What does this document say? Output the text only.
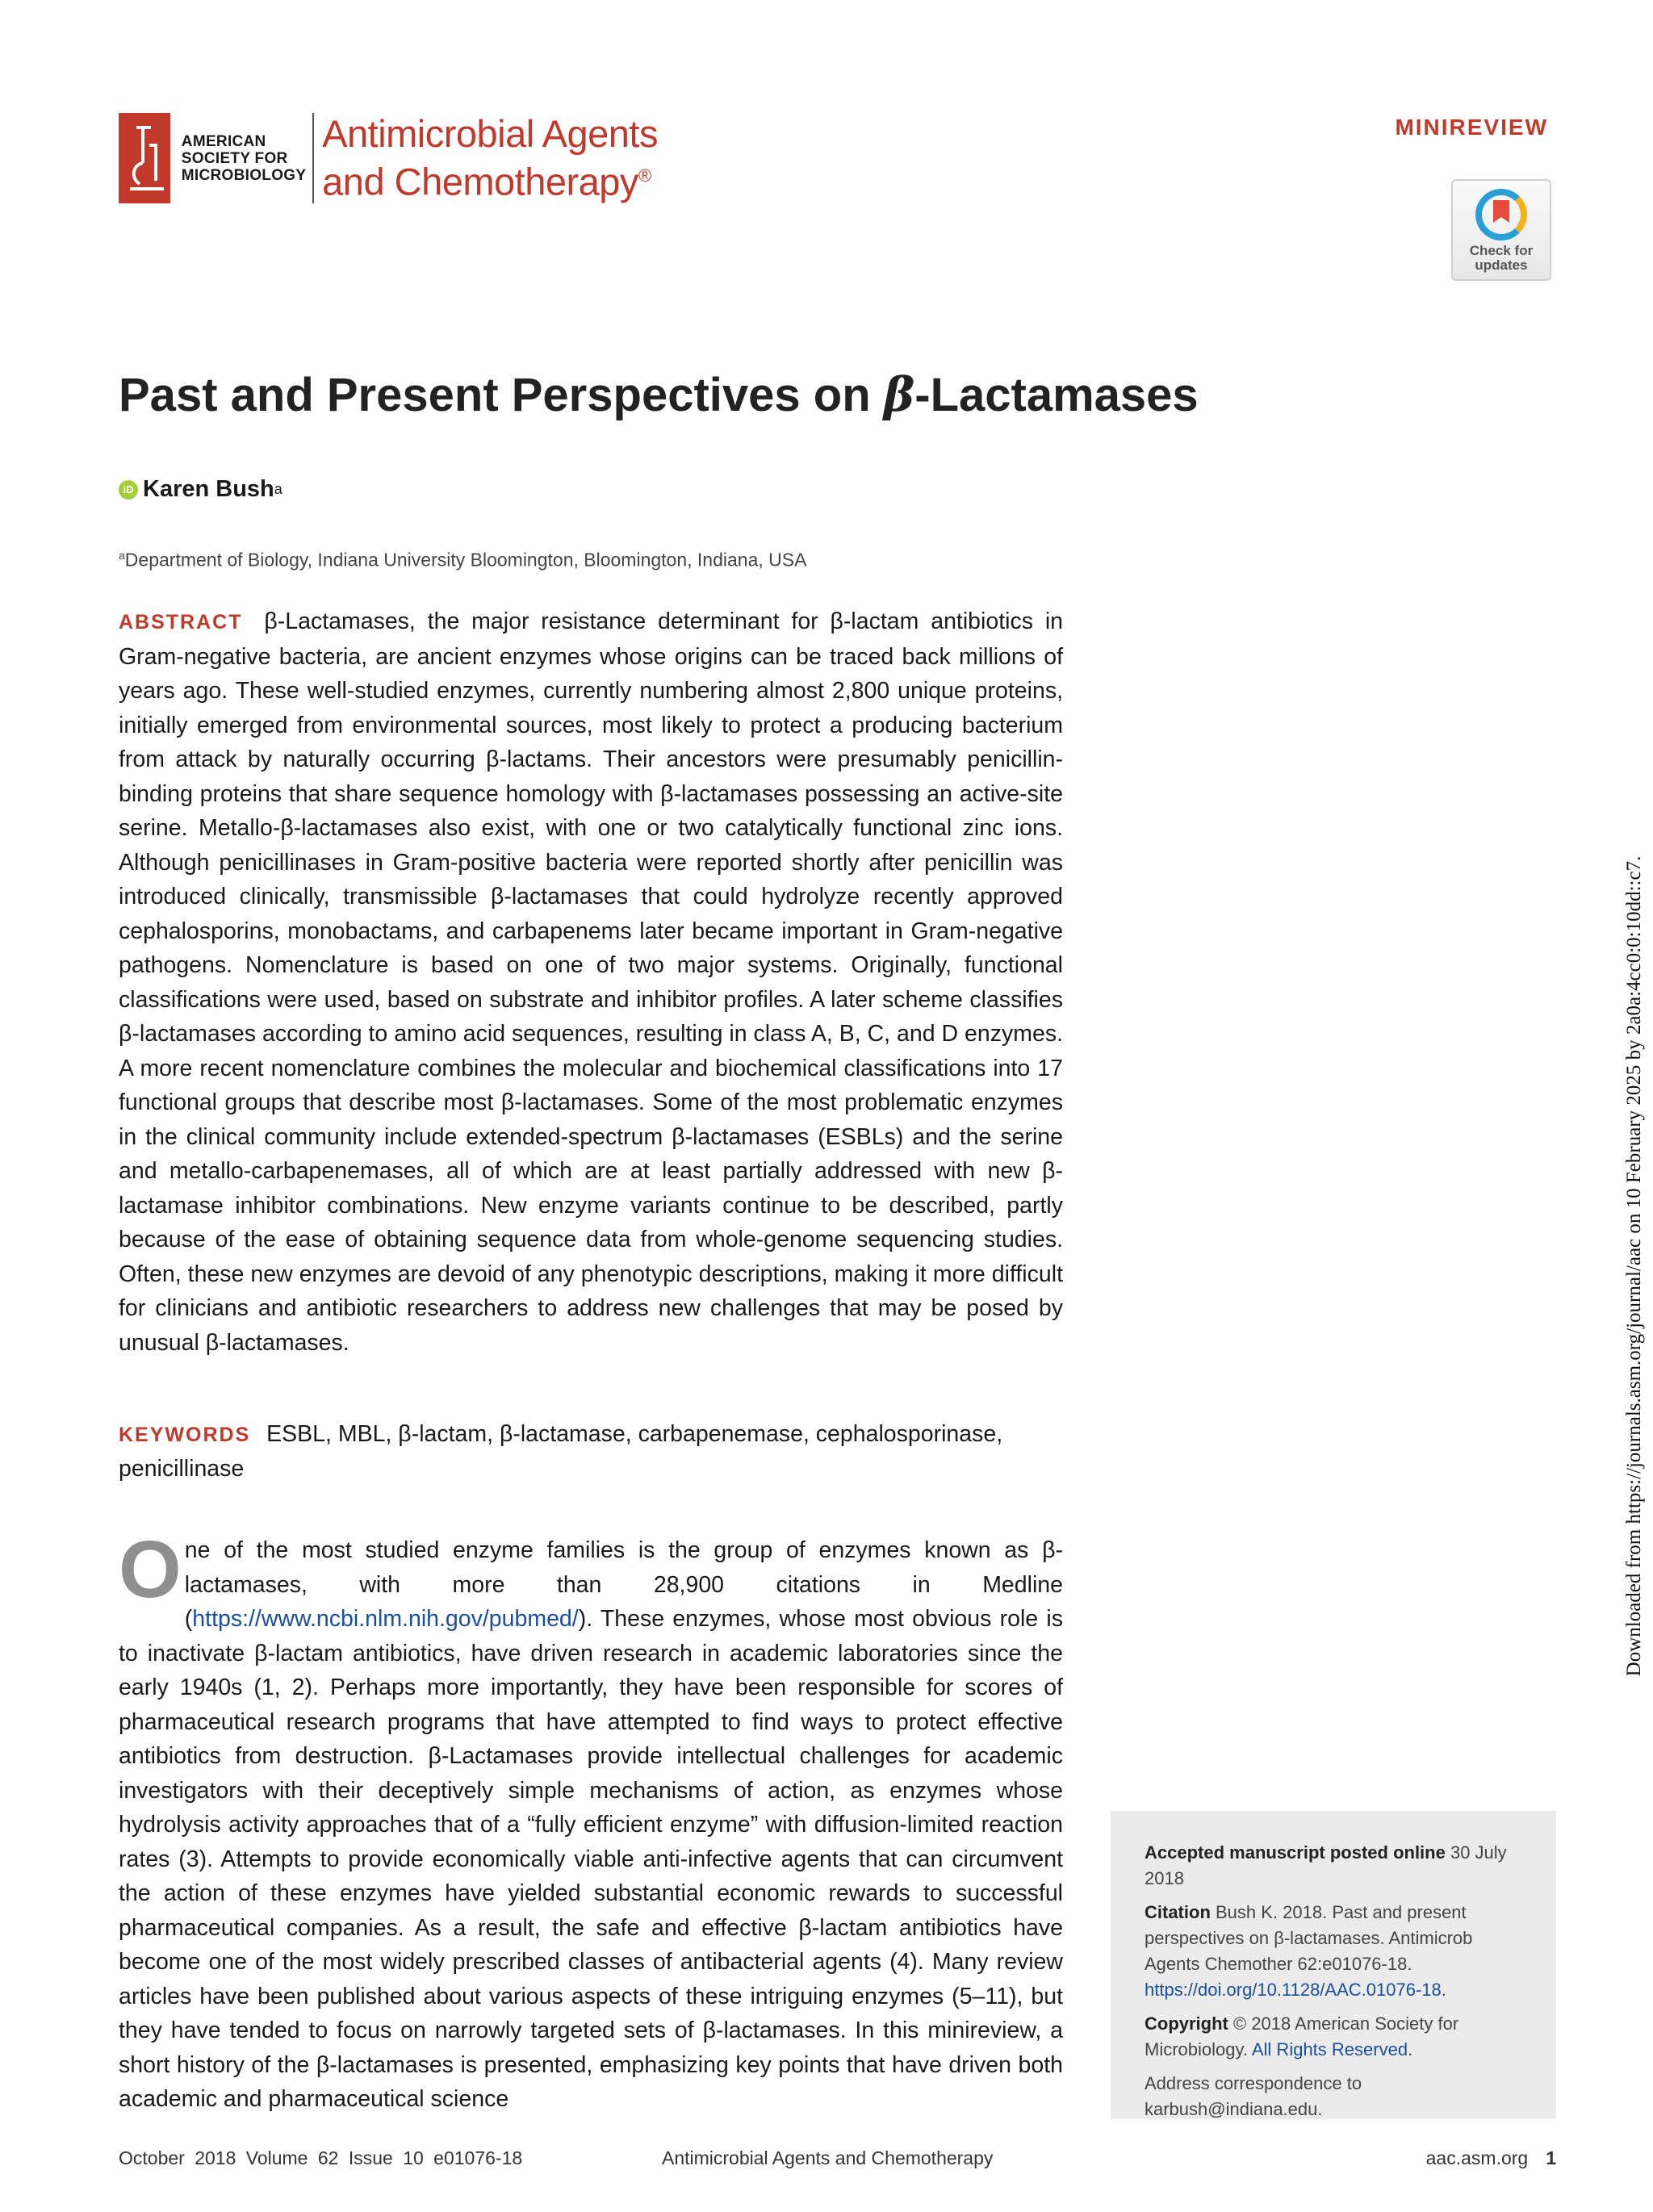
AMERICAN
SOCIETY FOR
MICROBIOLOGY
Antimicrobial Agents
and Chemotherapy®
MINIREVIEW
Check for
updates
Past and Present Perspectives on β-Lactamases
iD Karen Bush a
$^a$Department of Biology, Indiana University Bloomington, Bloomington, Indiana, USA
ABSTRACT β-Lactamases, the major resistance determinant for β-lactam antibiotics in Gram-negative bacteria, are ancient enzymes whose origins can be traced back millions of years ago. These well-studied enzymes, currently numbering almost 2,800 unique proteins, initially emerged from environmental sources, most likely to protect a producing bacterium from attack by naturally occurring β-lactams. Their ancestors were presumably penicillin-binding proteins that share sequence homology with β-lactamases possessing an active-site serine. Metallo-β-lactamases also exist, with one or two catalytically functional zinc ions. Although penicillinases in Gram-positive bacteria were reported shortly after penicillin was introduced clinically, transmissible β-lactamases that could hydrolyze recently approved cephalosporins, monobactams, and carbapenems later became important in Gram-negative pathogens. Nomenclature is based on one of two major systems. Originally, functional classifications were used, based on substrate and inhibitor profiles. A later scheme classifies β-lactamases according to amino acid sequences, resulting in class A, B, C, and D enzymes. A more recent nomenclature combines the molecular and biochemical classifications into 17 functional groups that describe most β-lactamases. Some of the most problematic enzymes in the clinical community include extended-spectrum β-lactamases (ESBLs) and the serine and metallo-carbapenemases, all of which are at least partially addressed with new β-lactamase inhibitor combinations. New enzyme variants continue to be described, partly because of the ease of obtaining sequence data from whole-genome sequencing studies. Often, these new enzymes are devoid of any phenotypic descriptions, making it more difficult for clinicians and antibiotic researchers to address new challenges that may be posed by unusual β-lactamases.
KEYWORDS ESBL, MBL, β-lactam, β-lactamase, carbapenemase, cephalosporinase, penicillinase
O ne of the most studied enzyme families is the group of enzymes known as β-lactamases, with more than 28,900 citations in Medline (https://www.ncbi.nlm.nih.gov/pubmed/). These enzymes, whose most obvious role is to inactivate β-lactam antibiotics, have driven research in academic laboratories since the early 1940s (1, 2). Perhaps more importantly, they have been responsible for scores of pharmaceutical research programs that have attempted to find ways to protect effective antibiotics from destruction. β-Lactamases provide intellectual challenges for academic investigators with their deceptively simple mechanisms of action, as enzymes whose hydrolysis activity approaches that of a “fully efficient enzyme” with diffusion-limited reaction rates (3). Attempts to provide economically viable anti-infective agents that can circumvent the action of these enzymes have yielded substantial economic rewards to successful pharmaceutical companies. As a result, the safe and effective β-lactam antibiotics have become one of the most widely prescribed classes of antibacterial agents (4). Many review articles have been published about various aspects of these intriguing enzymes (5–11), but they have tended to focus on narrowly targeted sets of β-lactamases. In this minireview, a short history of the β-lactamases is presented, emphasizing key points that have driven both academic and pharmaceutical science

Accepted manuscript posted online 30 July 2018

Citation Bush K. 2018. Past and present perspectives on β-lactamases. Antimicrob Agents Chemother 62:e01076-18. https://doi.org/10.1128/AAC.01076-18.

Copyright © 2018 American Society for Microbiology. All Rights Reserved.

Address correspondence to karbush@indiana.edu.

October 2018 Volume 62 Issue 10 e01076-18	Antimicrobial Agents and Chemotherapy	aac.asm.org 1
Downloaded from https://journals.asm.org/journal/aac on 10 February 2025 by 2a0a:4cc0:0:10dd::c7.
